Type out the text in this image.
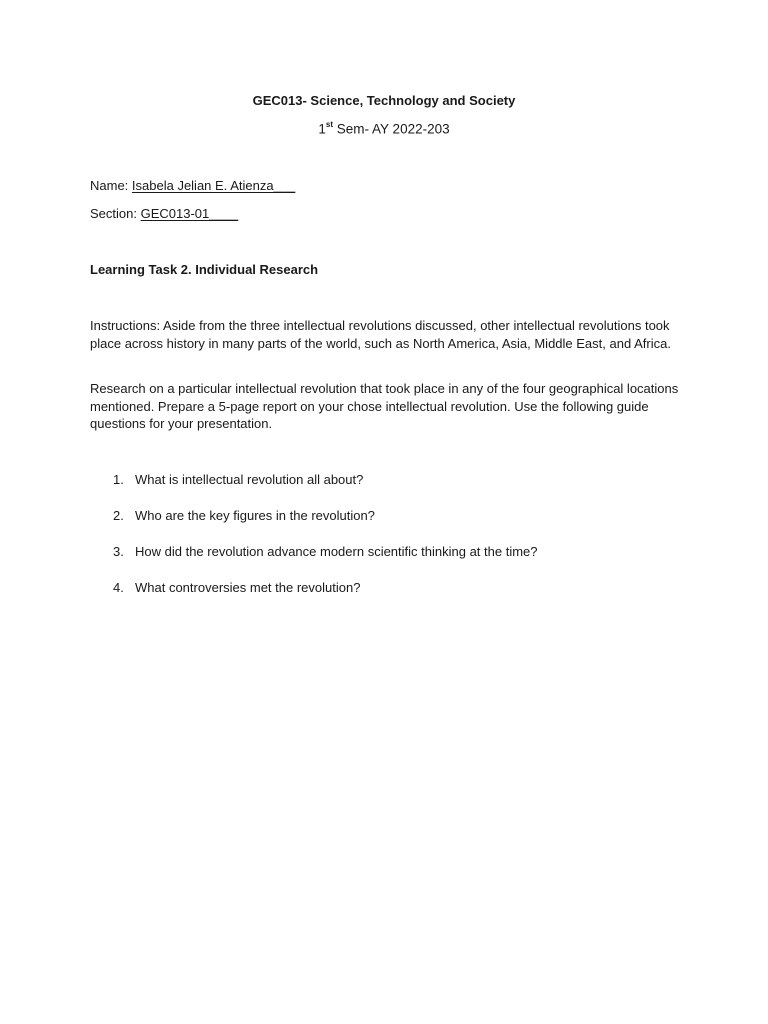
GEC013- Science, Technology and Society
1st Sem- AY 2022-203
Name: Isabela Jelian E. Atienza___
Section: GEC013-01____
Learning Task 2. Individual Research
Instructions: Aside from the three intellectual revolutions discussed, other intellectual revolutions took place across history in many parts of the world, such as North America, Asia, Middle East, and Africa.
Research on a particular intellectual revolution that took place in any of the four geographical locations mentioned. Prepare a 5-page report on your chose intellectual revolution. Use the following guide questions for your presentation.
1. What is intellectual revolution all about?
2. Who are the key figures in the revolution?
3. How did the revolution advance modern scientific thinking at the time?
4. What controversies met the revolution?
